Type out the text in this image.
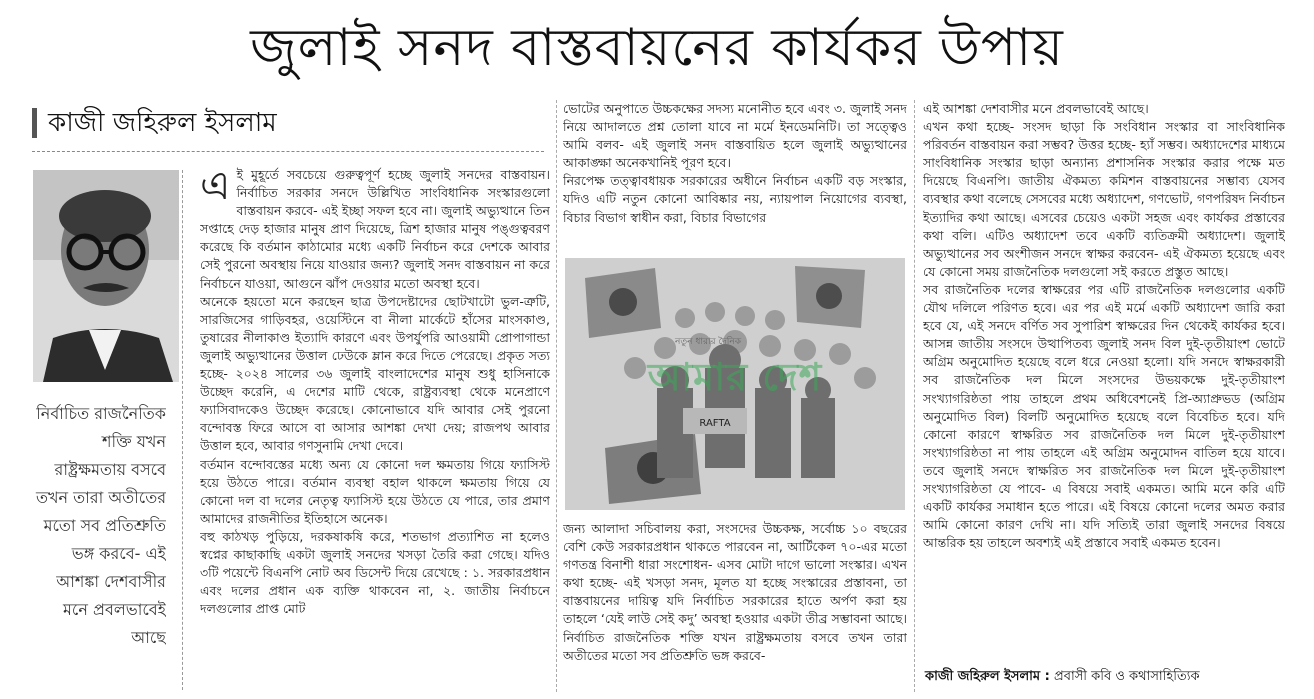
জুলাই সনদ বাস্তবায়নের কার্যকর উপায়
কাজী জহিরুল ইসলাম
নির্বাচিত রাজনৈতিক শক্তি যখন রাষ্ট্রক্ষমতায় বসবে তখন তারা অতীতের মতো সব প্রতিশ্রুতি ভঙ্গ করবে- এই আশঙ্কা দেশবাসীর মনে প্রবলভাবেই আছে

এই মুহূর্তে সবচেয়ে গুরুত্বপূর্ণ হচ্ছে জুলাই সনদের বাস্তবায়ন। নির্বাচিত সরকার সনদে উল্লিখিত সাংবিধানিক সংস্কারগুলো বাস্তবায়ন করবে- এই ইচ্ছা সফল হবে না। জুলাই অভ্যুত্থানে তিন সপ্তাহে দেড় হাজার মানুষ প্রাণ দিয়েছে, ত্রিশ হাজার মানুষ পঙ্গুত্ববরণ করেছে কি বর্তমান কাঠামোর মধ্যে একটি নির্বাচন করে দেশকে আবার সেই পুরনো অবস্থায় নিয়ে যাওয়ার জন্য? জুলাই সনদ বাস্তবায়ন না করে নির্বাচনে যাওয়া, আগুনে ঝাঁপ দেওয়ার মতো অবস্থা হবে।

অনেকে হয়তো মনে করছেন ছাত্র উপদেষ্টাদের ছোটখাটো ভুল-ত্রুটি, সারজিসের গাড়িবহর, ওয়েস্টিনে বা নীলা মার্কেটে হাঁসের মাংসকাণ্ড, তুষারের নীলাকাণ্ড ইত্যাদি কারণে এবং উপর্যুপরি আওয়ামী প্রোপাগান্ডা জুলাই অভ্যুত্থানের উত্তাল ঢেউকে ম্লান করে দিতে পেরেছে। প্রকৃত সত্য হচ্ছে- ২০২৪ সালের ৩৬ জুলাই বাংলাদেশের মানুষ শুধু হাসিনাকে উচ্ছেদ করেনি, এ দেশের মাটি থেকে, রাষ্ট্রব্যবস্থা থেকে মনেপ্রাণে ফ্যাসিবাদকেও উচ্ছেদ করেছে। কোনোভাবে যদি আবার সেই পুরনো বন্দোবস্ত ফিরে আসে বা আসার আশঙ্কা দেখা দেয়; রাজপথ আবার উত্তাল হবে, আবার গণসুনামি দেখা দেবে।

বর্তমান বন্দোবস্তের মধ্যে অন্য যে কোনো দল ক্ষমতায় গিয়ে ফ্যাসিস্ট হয়ে উঠতে পারে। বর্তমান ব্যবস্থা বহাল থাকলে ক্ষমতায় গিয়ে যে কোনো দল বা দলের নেতৃত্ব ফ্যাসিস্ট হয়ে উঠতে যে পারে, তার প্রমাণ আমাদের রাজনীতির ইতিহাসে অনেক।

বহু কাঠখড় পুড়িয়ে, দরকষাকষি করে, শতভাগ প্রত্যাশিত না হলেও স্বপ্নের কাছাকাছি একটা জুলাই সনদের খসড়া তৈরি করা গেছে। যদিও ৩টি পয়েন্টে বিএনপি নোট অব ডিসেন্ট দিয়ে রেখেছে : ১. সরকারপ্রধান এবং দলের প্রধান এক ব্যক্তি থাকবেন না, ২. জাতীয় নির্বাচনে দলগুলোর প্রাপ্ত মোট

ভোটের অনুপাতে উচ্চকক্ষের সদস্য মনোনীত হবে এবং ৩. জুলাই সনদ নিয়ে আদালতে প্রশ্ন তোলা যাবে না মর্মে ইনডেমনিটি। তা সত্ত্বেও আমি বলব- এই জুলাই সনদ বাস্তবায়িত হলে জুলাই অভ্যুত্থানের আকাঙ্ক্ষা অনেকখানিই পূরণ হবে।

নিরপেক্ষ তত্ত্বাবধায়ক সরকারের অধীনে নির্বাচন একটি বড় সংস্কার, যদিও এটি নতুন কোনো আবিষ্কার নয়, ন্যায়পাল নিয়োগের ব্যবস্থা, বিচার বিভাগ স্বাধীন করা, বিচার বিভাগের

RAFTA
আমার দেশ
নতুন ধারার দৈনিক

জন্য আলাদা সচিবালয় করা, সংসদের উচ্চকক্ষ, সর্বোচ্চ ১০ বছরের বেশি কেউ সরকারপ্রধান থাকতে পারবেন না, আর্টিকেল ৭০-এর মতো গণতন্ত্র বিনাশী ধারা সংশোধন- এসব মোটা দাগে ভালো সংস্কার। এখন কথা হচ্ছে- এই খসড়া সনদ, মূলত যা হচ্ছে সংস্কারের প্রস্তাবনা, তা বাস্তবায়নের দায়িত্ব যদি নির্বাচিত সরকারের হাতে অর্পণ করা হয় তাহলে ‘যেই লাউ সেই কদু’ অবস্থা হওয়ার একটা তীব্র সম্ভাবনা আছে। নির্বাচিত রাজনৈতিক শক্তি যখন রাষ্ট্রক্ষমতায় বসবে তখন তারা অতীতের মতো সব প্রতিশ্রুতি ভঙ্গ করবে-

এই আশঙ্কা দেশবাসীর মনে প্রবলভাবেই আছে।

এখন কথা হচ্ছে- সংসদ ছাড়া কি সংবিধান সংস্কার বা সাংবিধানিক পরিবর্তন বাস্তবায়ন করা সম্ভব? উত্তর হচ্ছে- হ্যাঁ সম্ভব। অধ্যাদেশের মাধ্যমে সাংবিধানিক সংস্কার ছাড়া অন্যান্য প্রশাসনিক সংস্কার করার পক্ষে মত দিয়েছে বিএনপি। জাতীয় ঐকমত্য কমিশন বাস্তবায়নের সম্ভাব্য যেসব ব্যবস্থার কথা বলেছে সেসবের মধ্যে অধ্যাদেশ, গণভোট, গণপরিষদ নির্বাচন ইত্যাদির কথা আছে। এসবের চেয়েও একটা সহজ এবং কার্যকর প্রস্তাবের কথা বলি। এটিও অধ্যাদেশ তবে একটি ব্যতিক্রমী অধ্যাদেশ। জুলাই অভ্যুত্থানের সব অংশীজন সনদে স্বাক্ষর করবেন- এই ঐকমত্য হয়েছে এবং যে কোনো সময় রাজনৈতিক দলগুলো সই করতে প্রস্তুত আছে।

সব রাজনৈতিক দলের স্বাক্ষরের পর এটি রাজনৈতিক দলগুলোর একটি যৌথ দলিলে পরিণত হবে। এর পর এই মর্মে একটি অধ্যাদেশ জারি করা হবে যে, এই সনদে বর্ণিত সব সুপারিশ স্বাক্ষরের দিন থেকেই কার্যকর হবে। আসন্ন জাতীয় সংসদে উত্থাপিতব্য জুলাই সনদ বিল দুই-তৃতীয়াংশ ভোটে অগ্রিম অনুমোদিত হয়েছে বলে ধরে নেওয়া হলো। যদি সনদে স্বাক্ষরকারী সব রাজনৈতিক দল মিলে সংসদের উভয়কক্ষে দুই-তৃতীয়াংশ সংখ্যাগরিষ্ঠতা পায় তাহলে প্রথম অধিবেশনেই প্রি-অ্যাপ্রুভড (অগ্রিম অনুমোদিত বিল) বিলটি অনুমোদিত হয়েছে বলে বিবেচিত হবে। যদি কোনো কারণে স্বাক্ষরিত সব রাজনৈতিক দল মিলে দুই-তৃতীয়াংশ সংখ্যাগরিষ্ঠতা না পায় তাহলে এই অগ্রিম অনুমোদন বাতিল হয়ে যাবে। তবে জুলাই সনদে স্বাক্ষরিত সব রাজনৈতিক দল মিলে দুই-তৃতীয়াংশ সংখ্যাগরিষ্ঠতা যে পাবে- এ বিষয়ে সবাই একমত। আমি মনে করি এটি একটি কার্যকর সমাধান হতে পারে। এই বিষয়ে কোনো দলের অমত করার আমি কোনো কারণ দেখি না। যদি সত্যিই তারা জুলাই সনদের বিষয়ে আন্তরিক হয় তাহলে অবশ্যই এই প্রস্তাবে সবাই একমত হবেন।

কাজী জহিরুল ইসলাম : প্রবাসী কবি ও কথাসাহিত্যিক
